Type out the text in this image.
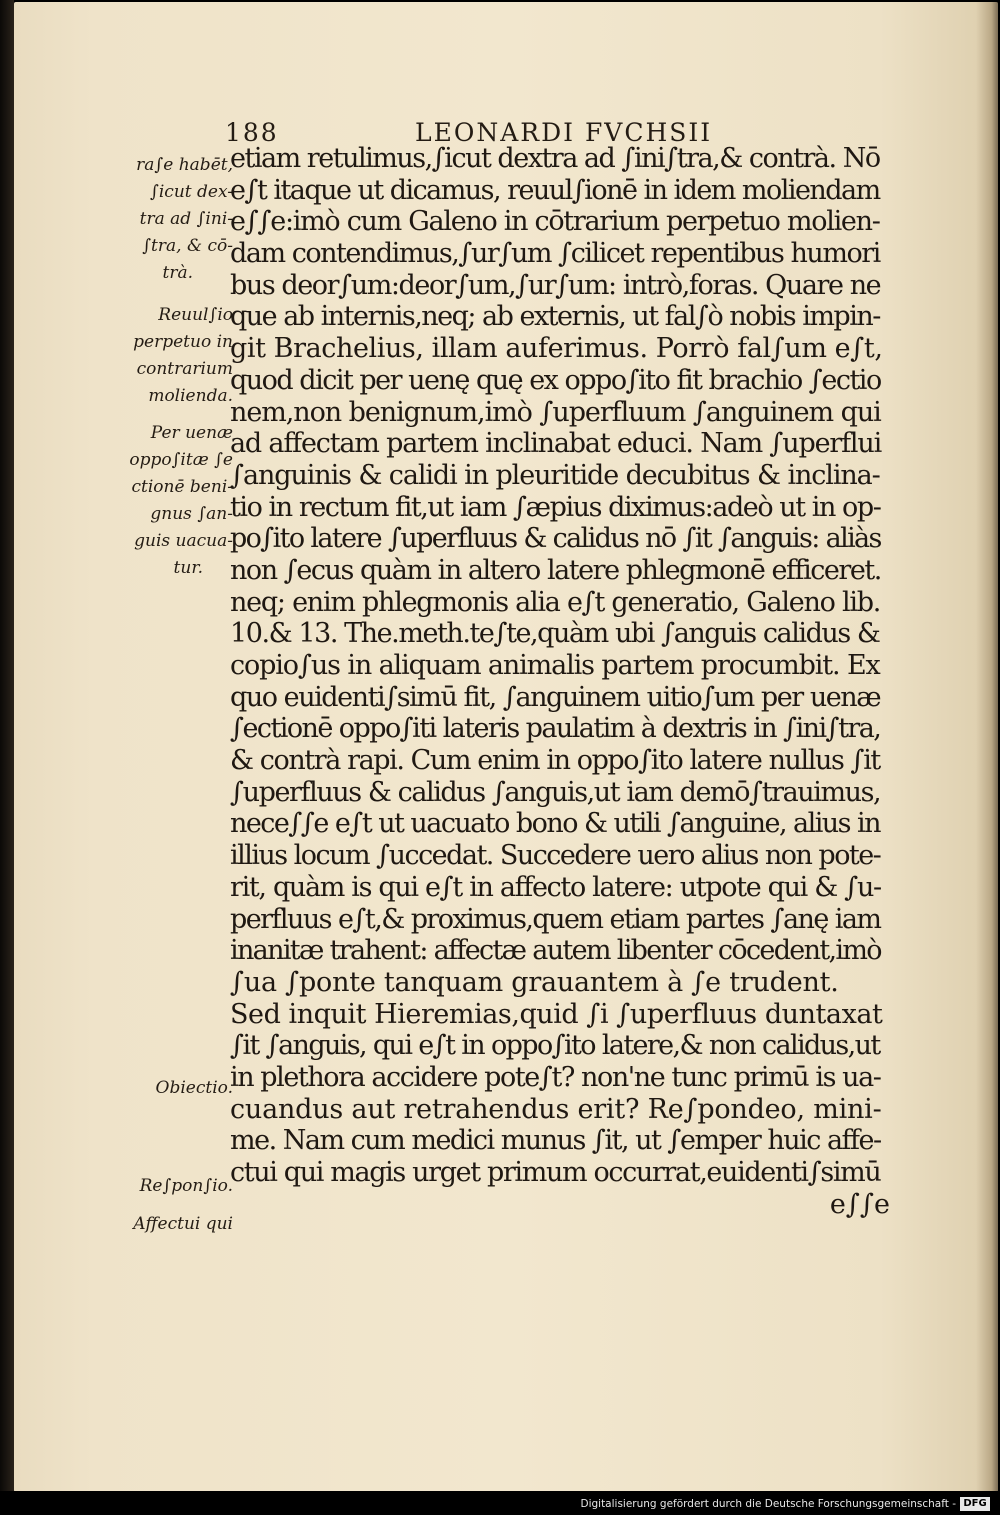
188	LEONARDI FVCHSII
ra∫e habēt,
∫icut dex-
tra ad ∫ini-
∫tra, & cō-
trà.
Reuul∫io
perpetuo in
contrarium
molienda.
Per uenæ
oppo∫itæ ∫e
ctionē beni-
gnus ∫an-
guis uacua-
tur.
Obiectio.
Re∫pon∫io.
Affectui qui
etiam retulimus,∫icut dextra ad ∫ini∫tra,& contrà. Nō
e∫t itaque ut dicamus, reuul∫ionē in idem moliendam
e∫∫e:imò cum Galeno in cōtrarium perpetuo molien-
dam contendimus,∫ur∫um ∫cilicet repentibus humori
bus deor∫um:deor∫um,∫ur∫um: intrò,foras. Quare ne
que ab internis,neq; ab externis, ut fal∫ò nobis impin-
git Brachelius, illam auferimus. Porrò fal∫um e∫t,
quod dicit per uenę quę ex oppo∫ito fit brachio ∫ectio
nem,non benignum,imò ∫uperfluum ∫anguinem qui
ad affectam partem inclinabat educi. Nam ∫uperflui
∫anguinis & calidi in pleuritide decubitus & inclina-
tio in rectum fit,ut iam ∫æpius diximus:adeò ut in op-
po∫ito latere ∫uperfluus & calidus nō ∫it ∫anguis: aliàs
non ∫ecus quàm in altero latere phlegmonē efficeret.
neq; enim phlegmonis alia e∫t generatio, Galeno lib.
10.& 13. The.meth.te∫te,quàm ubi ∫anguis calidus &
copio∫us in aliquam animalis partem procumbit. Ex
quo euidenti∫simū fit, ∫anguinem uitio∫um per uenæ
∫ectionē oppo∫iti lateris paulatim à dextris in ∫ini∫tra,
& contrà rapi. Cum enim in oppo∫ito latere nullus ∫it
∫uperfluus & calidus ∫anguis,ut iam demō∫trauimus,
nece∫∫e e∫t ut uacuato bono & utili ∫anguine, alius in
illius locum ∫uccedat. Succedere uero alius non pote-
rit, quàm is qui e∫t in affecto latere: utpote qui & ∫u-
perfluus e∫t,& proximus,quem etiam partes ∫anę iam
inanitæ trahent: affectæ autem libenter cōcedent,imò
∫ua ∫ponte tanquam grauantem à ∫e trudent.
Sed inquit Hieremias,quid ∫i ∫uperfluus duntaxat
∫it ∫anguis, qui e∫t in oppo∫ito latere,& non calidus,ut
in plethora accidere pote∫t? non'ne tunc primū is ua-
cuandus aut retrahendus erit? Re∫pondeo, mini-
me. Nam cum medici munus ∫it, ut ∫emper huic affe-
ctui qui magis urget primum occurrat,euidenti∫simū
e∫∫e
Digitalisierung gefördert durch die Deutsche Forschungsgemeinschaft - DFG
